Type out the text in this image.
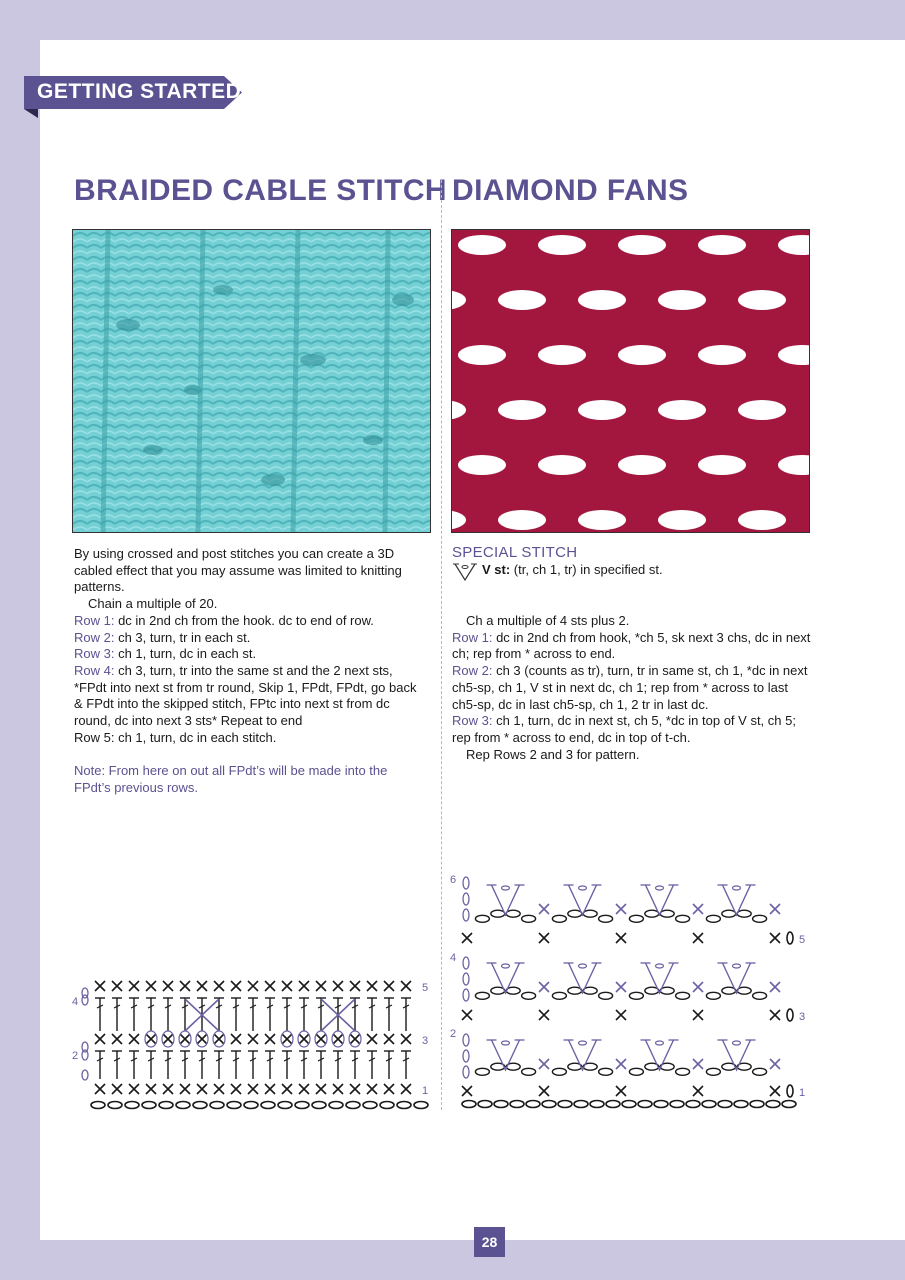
GETTING STARTED
BRAIDED CABLE STITCH DIAMOND FANS

By using crossed and post stitches you can create a 3D cabled effect that you may assume was limited to knitting patterns.

Chain a multiple of 20.

Row 1: dc in 2nd ch from the hook. dc to end of row.

Row 2: ch 3, turn, tr in each st.

Row 3: ch 1, turn, dc in each st.

Row 4: ch 3, turn, tr into the same st and the 2 next sts, *FPdt into next st from tr round, Skip 1, FPdt, FPdt, go back & FPdt into the skipped stitch, FPtc into next st from dc round, dc into next 3 sts* Repeat to end

Row 5: ch 1, turn, dc in each stitch.

Note: From here on out all FPdt’s will be made into the FPdt’s previous rows.

SPECIAL STITCH
V st: (tr, ch 1, tr) in specified st.

Ch a multiple of 4 sts plus 2.

Row 1: dc in 2nd ch from hook, *ch 5, sk next 3 chs, dc in next ch; rep from * across to end.

Row 2: ch 3 (counts as tr), turn, tr in same st, ch 1, *dc in next ch5-sp, ch 1, V st in next dc, ch 1; rep from * across to last ch5-sp, dc in last ch5-sp, ch 1, 2 tr in last dc.

Row 3: ch 1, turn, dc in next st, ch 5, *dc in top of V st, ch 5; rep from * across to end, dc in top of t-ch.

Rep Rows 2 and 3 for pattern.

4
2
5
3
1
6
4
2
5
3
1
28
